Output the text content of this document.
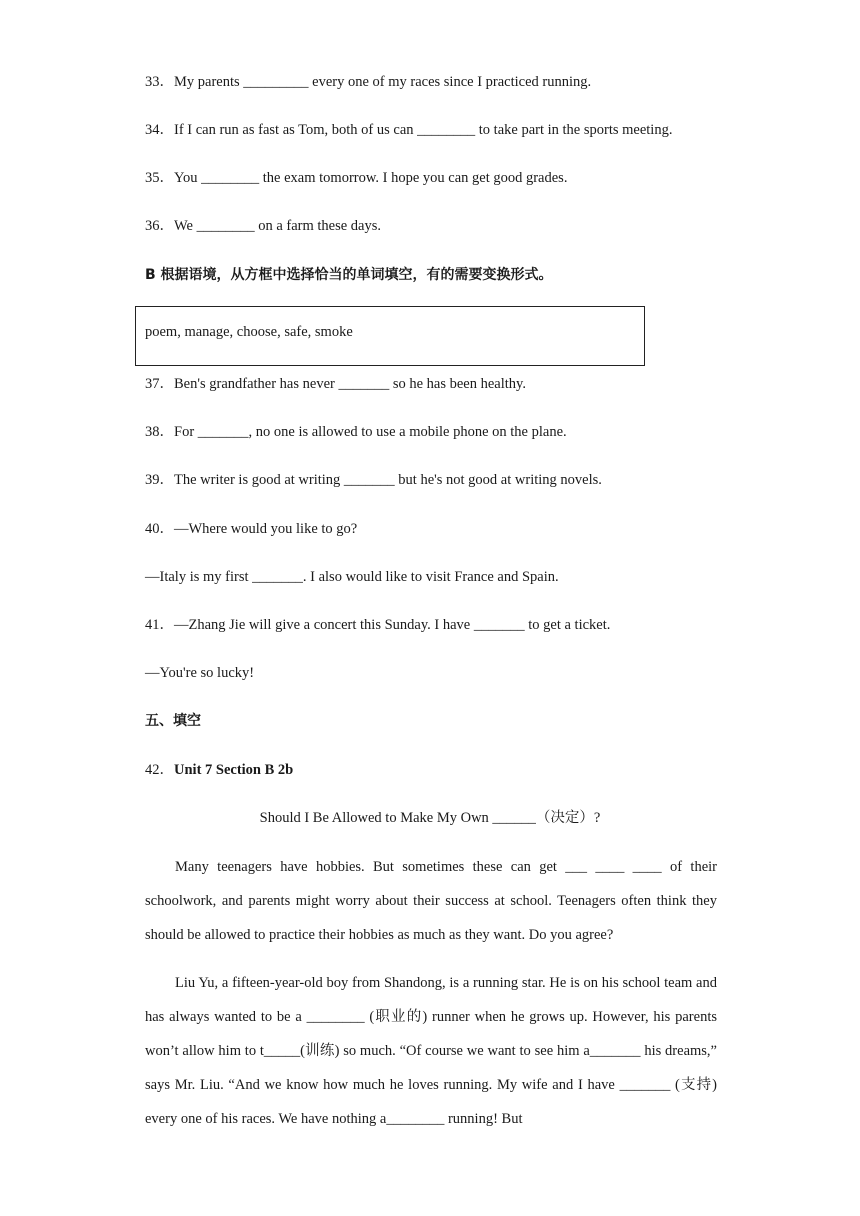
33．My parents _________ every one of my races since I practiced running.
34．If I can run as fast as Tom, both of us can ________ to take part in the sports meeting.
35．You ________ the exam tomorrow. I hope you can get good grades.
36．We ________ on a farm these days.
B 根据语境，从方框中选择恰当的单词填空，有的需要变换形式。
poem, manage, choose, safe, smoke
37．Ben's grandfather has never _______ so he has been healthy.
38．For _______, no one is allowed to use a mobile phone on the plane.
39．The writer is good at writing _______ but he's not good at writing novels.
40．—Where would you like to go?
—Italy is my first _______. I also would like to visit France and Spain.
41．—Zhang Jie will give a concert this Sunday. I have _______ to get a ticket.
—You're so lucky!
五、填空
42．Unit 7 Section B 2b
Should I Be Allowed to Make My Own ______（决定）?

Many teenagers have hobbies. But sometimes these can get ___ ____ ____ of their schoolwork, and parents might worry about their success at school. Teenagers often think they should be allowed to practice their hobbies as much as they want. Do you agree?

Liu Yu, a fifteen-year-old boy from Shandong, is a running star. He is on his school team and has always wanted to be a ________ (职业的) runner when he grows up. However, his parents won’t allow him to t_____(训练) so much. “Of course we want to see him a_______ his dreams,” says Mr. Liu. “And we know how much he loves running. My wife and I have _______ (支持) every one of his races. We have nothing a________ running! But
